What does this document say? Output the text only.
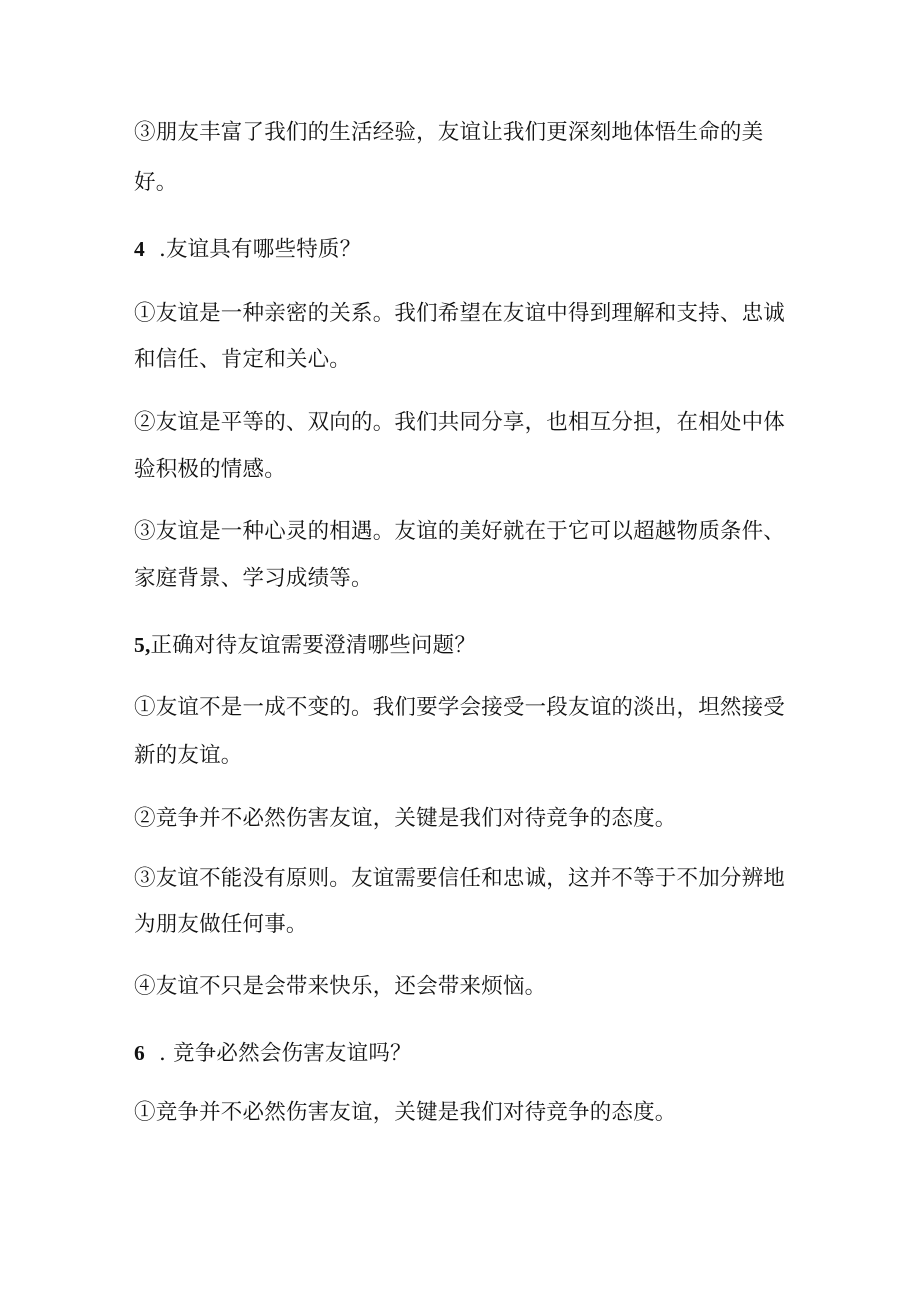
③朋友丰富了我们的生活经验，友谊让我们更深刻地体悟生命的美
好。
4 .友谊具有哪些特质？
①友谊是一种亲密的关系。我们希望在友谊中得到理解和支持、忠诚
和信任、肯定和关心。
②友谊是平等的、双向的。我们共同分享，也相互分担，在相处中体
验积极的情感。
③友谊是一种心灵的相遇。友谊的美好就在于它可以超越物质条件、
家庭背景、学习成绩等。
5,正确对待友谊需要澄清哪些问题？
①友谊不是一成不变的。我们要学会接受一段友谊的淡出，坦然接受
新的友谊。
②竞争并不必然伤害友谊，关键是我们对待竞争的态度。
③友谊不能没有原则。友谊需要信任和忠诚，这并不等于不加分辨地
为朋友做任何事。
④友谊不只是会带来快乐，还会带来烦恼。
6 . 竞争必然会伤害友谊吗？
①竞争并不必然伤害友谊，关键是我们对待竞争的态度。
